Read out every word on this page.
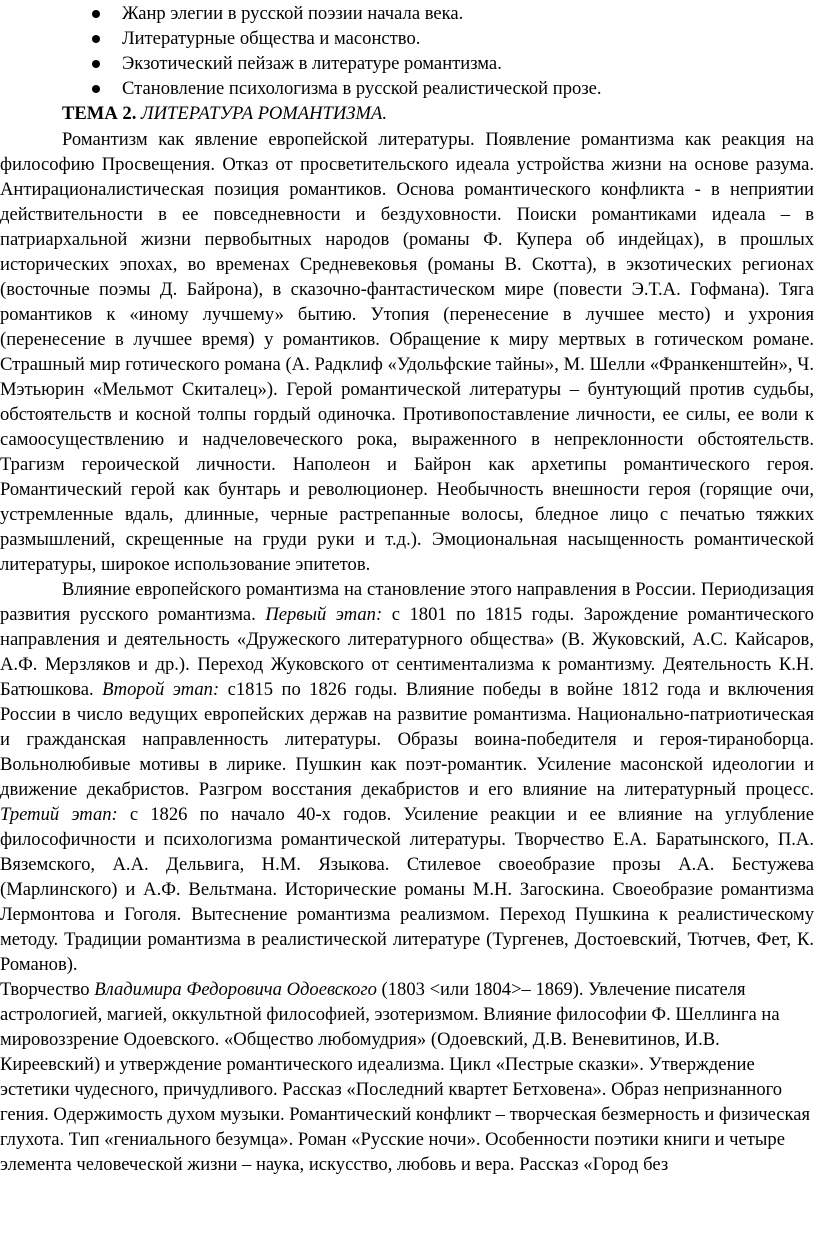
Жанр элегии в русской поэзии начала века.
Литературные общества и масонство.
Экзотический пейзаж в литературе романтизма.
Становление психологизма в русской реалистической прозе.

ТЕМА 2. ЛИТЕРАТУРА РОМАНТИЗМА.

Романтизм как явление европейской литературы. Появление романтизма как реакция на философию Просвещения. Отказ от просветительского идеала устройства жизни на основе разума. Антирационалистическая позиция романтиков. Основа романтического конфликта - в неприятии действительности в ее повседневности и бездуховности. Поиски романтиками идеала – в патриархальной жизни первобытных народов (романы Ф. Купера об индейцах), в прошлых исторических эпохах, во временах Средневековья (романы В. Скотта), в экзотических регионах (восточные поэмы Д. Байрона), в сказочно-фантастическом мире (повести Э.Т.А. Гофмана). Тяга романтиков к «иному лучшему» бытию. Утопия (перенесение в лучшее место) и ухрония (перенесение в лучшее время) у романтиков. Обращение к миру мертвых в готическом романе. Страшный мир готического романа (А. Радклиф «Удольфские тайны», М. Шелли «Франкенштейн», Ч. Мэтьюрин «Мельмот Скиталец»). Герой романтической литературы – бунтующий против судьбы, обстоятельств и косной толпы гордый одиночка. Противопоставление личности, ее силы, ее воли к самоосуществлению и надчеловеческого рока, выраженного в непреклонности обстоятельств. Трагизм героической личности. Наполеон и Байрон как архетипы романтического героя. Романтический герой как бунтарь и революционер. Необычность внешности героя (горящие очи, устремленные вдаль, длинные, черные растрепанные волосы, бледное лицо с печатью тяжких размышлений, скрещенные на груди руки и т.д.). Эмоциональная насыщенность романтической литературы, широкое использование эпитетов.

Влияние европейского романтизма на становление этого направления в России. Периодизация развития русского романтизма. Первый этап: с 1801 по 1815 годы. Зарождение романтического направления и деятельность «Дружеского литературного общества» (В. Жуковский, А.С. Кайсаров, А.Ф. Мерзляков и др.). Переход Жуковского от сентиментализма к романтизму. Деятельность К.Н. Батюшкова. Второй этап: с1815 по 1826 годы. Влияние победы в войне 1812 года и включения России в число ведущих европейских держав на развитие романтизма. Национально-патриотическая и гражданская направленность литературы. Образы воина-победителя и героя-тираноборца. Вольнолюбивые мотивы в лирике. Пушкин как поэт-романтик. Усиление масонской идеологии и движение декабристов. Разгром восстания декабристов и его влияние на литературный процесс. Третий этап: с 1826 по начало 40-х годов. Усиление реакции и ее влияние на углубление философичности и психологизма романтической литературы. Творчество Е.А. Баратынского, П.А. Вяземского, А.А. Дельвига, Н.М. Языкова. Стилевое своеобразие прозы А.А. Бестужева (Марлинского) и А.Ф. Вельтмана. Исторические романы М.Н. Загоскина. Своеобразие романтизма Лермонтова и Гоголя. Вытеснение романтизма реализмом. Переход Пушкина к реалистическому методу. Традиции романтизма в реалистической литературе (Тургенев, Достоевский, Тютчев, Фет, К. Романов).

Творчество Владимира Федоровича Одоевского (1803 <или 1804>– 1869). Увлечение писателя астрологией, магией, оккультной философией, эзотеризмом. Влияние философии Ф. Шеллинга на мировоззрение Одоевского. «Общество любомудрия» (Одоевский, Д.В. Веневитинов, И.В. Киреевский) и утверждение романтического идеализма. Цикл «Пестрые сказки». Утверждение эстетики чудесного, причудливого. Рассказ «Последний квартет Бетховена». Образ непризнанного гения. Одержимость духом музыки. Романтический конфликт – творческая безмерность и физическая глухота. Тип «гениального безумца». Роман «Русские ночи». Особенности поэтики книги и четыре элемента человеческой жизни – наука, искусство, любовь и вера. Рассказ «Город без
